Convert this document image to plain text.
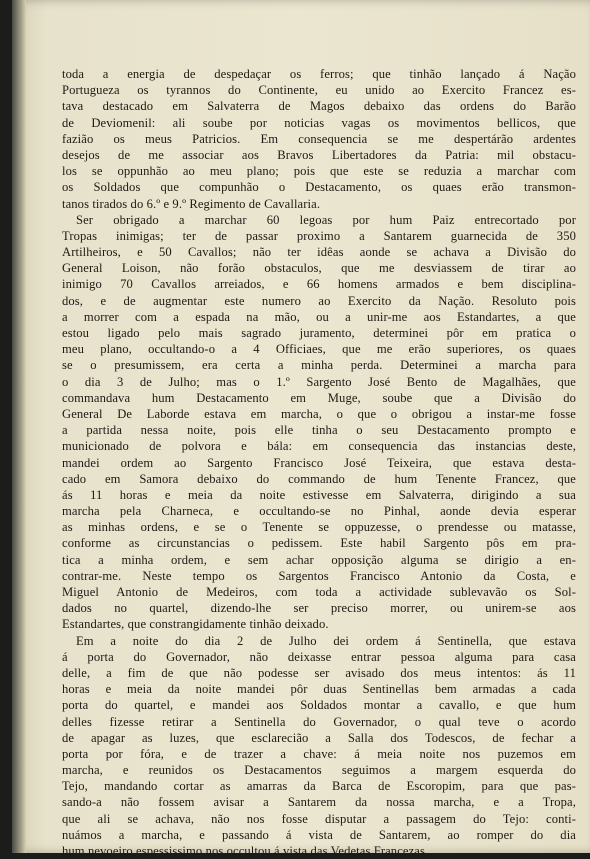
toda a energia de despedaçar os ferros; que tinhão lançado á Nação
Portugueza os tyrannos do Continente, eu unido ao Exercito Francez es-
tava destacado em Salvaterra de Magos debaixo das ordens do Barão
de Deviomenil: ali soube por noticias vagas os movimentos bellicos, que
fazião os meus Patricios. Em consequencia se me despertárão ardentes
desejos de me associar aos Bravos Libertadores da Patria: mil obstacu-
los se oppunhão ao meu plano; pois que este se reduzia a marchar com
os Soldados que compunhão o Destacamento, os quaes erão transmon-
tanos tirados do 6.º e 9.º Regimento de Cavallaria.
Ser obrigado a marchar 60 legoas por hum Paiz entrecortado por
Tropas inimigas; ter de passar proximo a Santarem guarnecida de 350
Artilheiros, e 50 Cavallos; não ter idêas aonde se achava a Divisão do
General Loison, não forão obstaculos, que me desviassem de tirar ao
inimigo 70 Cavallos arreiados, e 66 homens armados e bem disciplina-
dos, e de augmentar este numero ao Exercito da Nação. Resoluto pois
a morrer com a espada na mão, ou a unir-me aos Estandartes, a que
estou ligado pelo mais sagrado juramento, determinei pôr em pratica o
meu plano, occultando-o a 4 Officiaes, que me erão superiores, os quaes
se o presumissem, era certa a minha perda. Determinei a marcha para
o dia 3 de Julho; mas o 1.º Sargento José Bento de Magalhães, que
commandava hum Destacamento em Muge, soube que a Divisão do
General De Laborde estava em marcha, o que o obrigou a instar-me fosse
a partida nessa noite, pois elle tinha o seu Destacamento prompto e
municionado de polvora e bála: em consequencia das instancias deste,
mandei ordem ao Sargento Francisco José Teixeira, que estava desta-
cado em Samora debaixo do commando de hum Tenente Francez, que
ás 11 horas e meia da noite estivesse em Salvaterra, dirigindo a sua
marcha pela Charneca, e occultando-se no Pinhal, aonde devia esperar
as minhas ordens, e se o Tenente se oppuzesse, o prendesse ou matasse,
conforme as circunstancias o pedissem. Este habil Sargento pôs em pra-
tica a minha ordem, e sem achar opposição alguma se dirigio a en-
contrar-me. Neste tempo os Sargentos Francisco Antonio da Costa, e
Miguel Antonio de Medeiros, com toda a actividade sublevavão os Sol-
dados no quartel, dizendo-lhe ser preciso morrer, ou unirem-se aos
Estandartes, que constrangidamente tinhão deixado.
Em a noite do dia 2 de Julho dei ordem á Sentinella, que estava
á porta do Governador, não deixasse entrar pessoa alguma para casa
delle, a fim de que não podesse ser avisado dos meus intentos: ás 11
horas e meia da noite mandei pôr duas Sentinellas bem armadas a cada
porta do quartel, e mandei aos Soldados montar a cavallo, e que hum
delles fizesse retirar a Sentinella do Governador, o qual teve o acordo
de apagar as luzes, que esclarecião a Salla dos Todescos, de fechar a
porta por fóra, e de trazer a chave: á meia noite nos puzemos em
marcha, e reunidos os Destacamentos seguimos a margem esquerda do
Tejo, mandando cortar as amarras da Barca de Escoropim, para que pas-
sando-a não fossem avisar a Santarem da nossa marcha, e a Tropa,
que ali se achava, não nos fosse disputar a passagem do Tejo: conti-
nuámos a marcha, e passando á vista de Santarem, ao romper do dia
hum nevoeiro espessissimo nos occultou á vista das Vedetas Francezas,
